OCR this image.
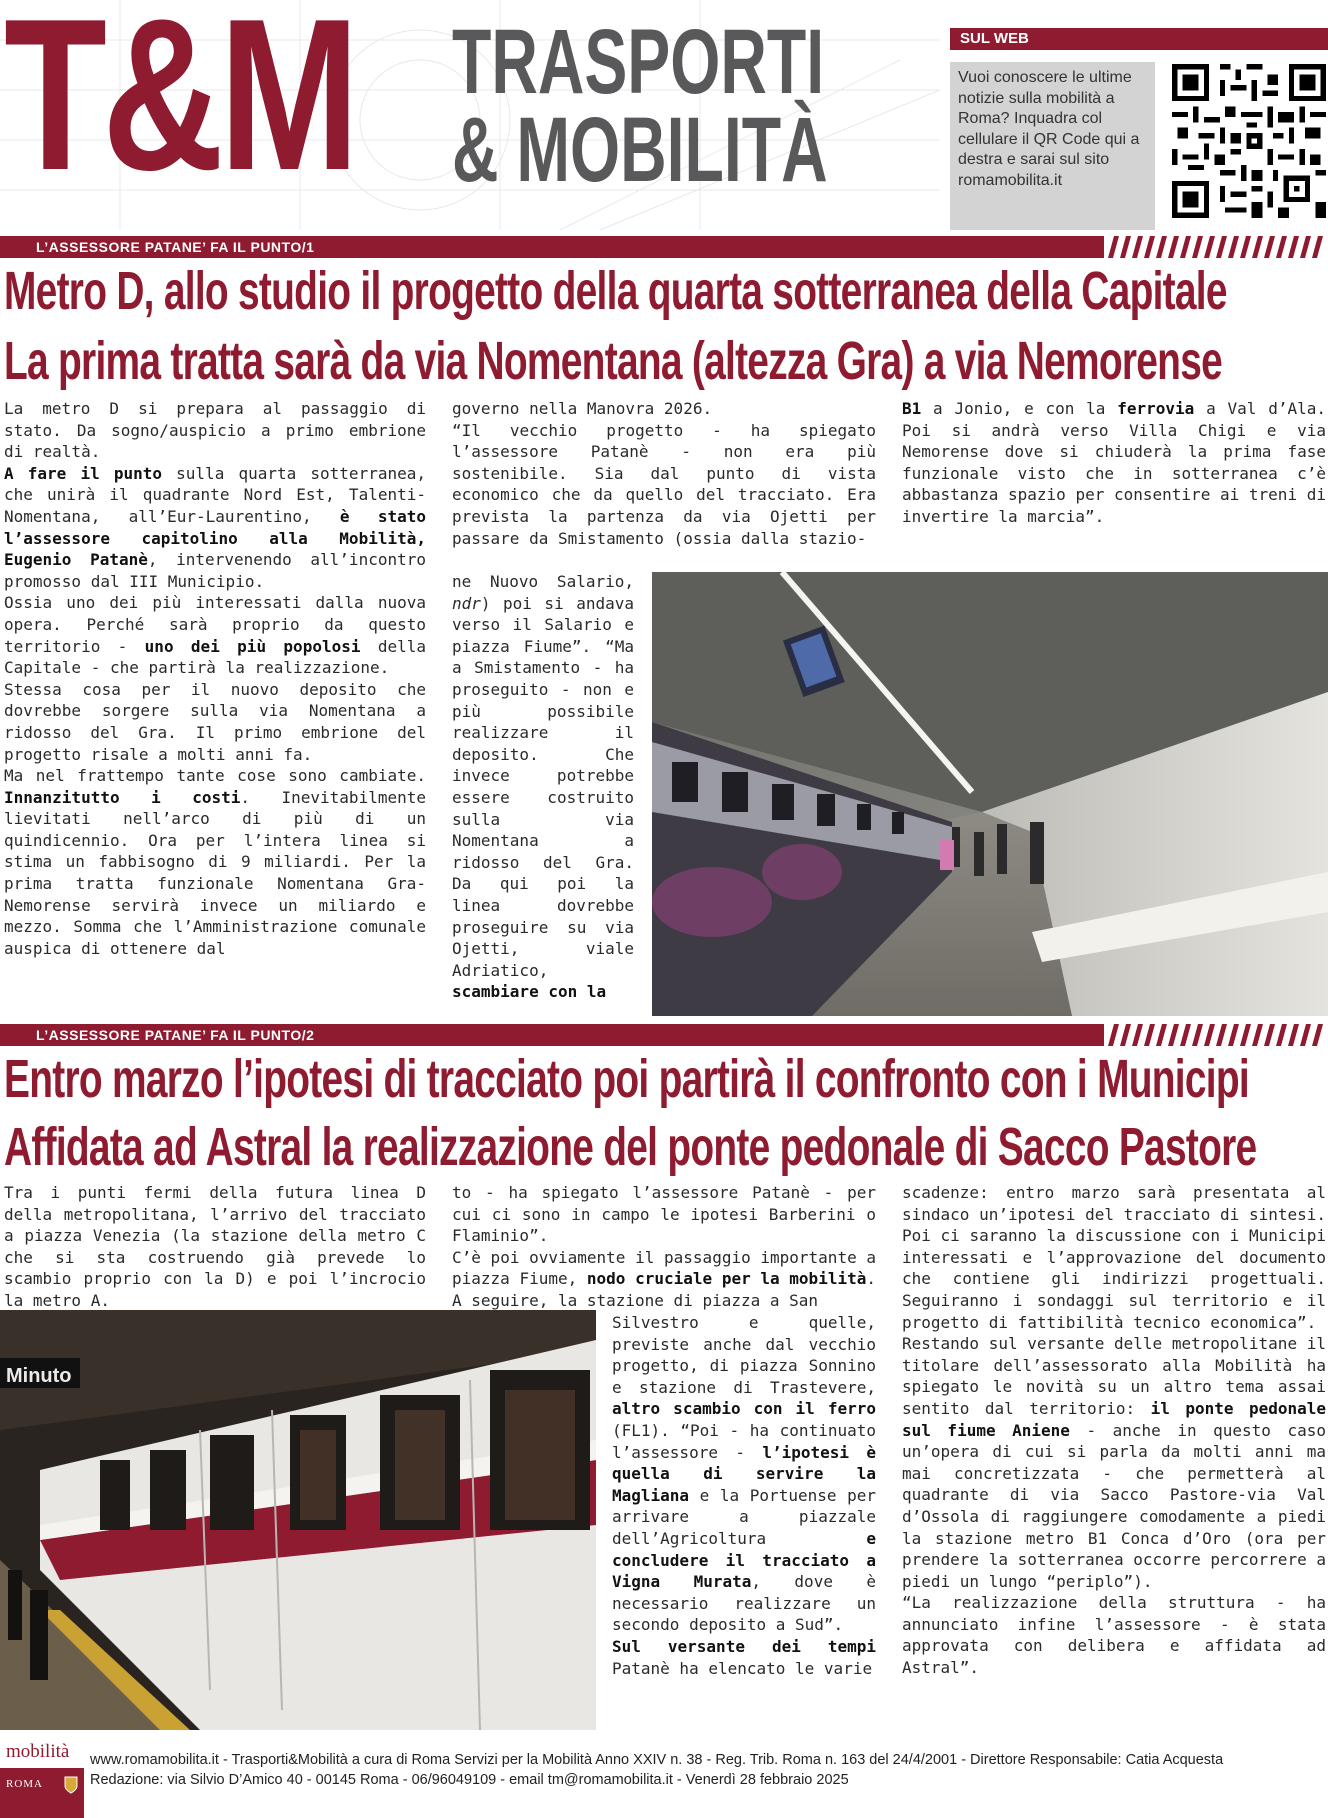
T&M TRASPORTI
& MOBILITÀ
SUL WEB
Vuoi conoscere le ultime notizie sulla mobilità a Roma? Inquadra col cellulare il QR Code qui a destra e sarai sul sito romamobilita.it
L’ASSESSORE PATANE’ FA IL PUNTO/1
Metro D, allo studio il progetto della quarta sotterranea della Capitale
La prima tratta sarà da via Nomentana (altezza Gra) a via Nemorense

La metro D si prepara al passaggio di stato. Da sogno/auspicio a primo embrione di realtà.

A fare il punto sulla quarta sotterranea, che unirà il quadrante Nord Est, Talenti-Nomentana, all’Eur-Laurentino, è stato l’assessore capitolino alla Mobilità, Eugenio Patanè, intervenendo all’incontro promosso dal III Municipio.

Ossia uno dei più interessati dalla nuova opera. Perché sarà proprio da questo territorio - uno dei più popolosi della Capitale - che partirà la realizzazione.

Stessa cosa per il nuovo deposito che dovrebbe sorgere sulla via Nomentana a ridosso del Gra. Il primo embrione del progetto risale a molti anni fa.

Ma nel frattempo tante cose sono cambiate. Innanzitutto i costi. Inevitabilmente lievitati nell’arco di più di un quindicennio. Ora per l’intera linea si stima un fabbisogno di 9 miliardi. Per la prima tratta funzionale Nomentana Gra-Nemorense servirà invece un miliardo e mezzo. Somma che l’Amministrazione comunale auspica di ottenere dal

governo nella Manovra 2026.

“Il vecchio progetto - ha spiegato l’assessore Patanè - non era più sostenibile. Sia dal punto di vista economico che da quello del tracciato. Era prevista la partenza da via Ojetti per passare da Smistamento (ossia dalla stazio-

ne Nuovo Salario, ndr) poi si andava verso il Salario e piazza Fiume”. “Ma a Smistamento - ha proseguito - non e più possibile realizzare il deposito. Che invece potrebbe essere costruito sulla via Nomentana a ridosso del Gra. Da qui poi la linea dovrebbe proseguire su via Ojetti, viale Adriatico, scambiare con la

B1 a Jonio, e con la ferrovia a Val d’Ala. Poi si andrà verso Villa Chigi e via Nemorense dove si chiuderà la prima fase funzionale visto che in sotterranea c’è abbastanza spazio per consentire ai treni di invertire la marcia”.

L’ASSESSORE PATANE’ FA IL PUNTO/2
Entro marzo l’ipotesi di tracciato poi partirà il confronto con i Municipi
Affidata ad Astral la realizzazione del ponte pedonale di Sacco Pastore

Tra i punti fermi della futura linea D della metropolitana, l’arrivo del tracciato a piazza Venezia (la stazione della metro C che si sta costruendo già prevede lo scambio proprio con la D) e poi l’incrocio la metro A.

to - ha spiegato l’assessore Patanè - per cui ci sono in campo le ipotesi Barberini o Flaminio”.

C’è poi ovviamente il passaggio importante a piazza Fiume, nodo cruciale per la mobilità. A seguire, la stazione di piazza a San

Silvestro e quelle, previste anche dal vecchio progetto, di piazza Sonnino e stazione di Trastevere, altro scambio con il ferro (FL1). “Poi - ha continuato l’assessore - l’ipotesi è quella di servire la Magliana e la Portuense per arrivare a piazzale dell’Agricoltura e concludere il tracciato a Vigna Murata, dove è necessario realizzare un secondo deposito a Sud”.

Sul versante dei tempi Patanè ha elencato le varie

scadenze: entro marzo sarà presentata al sindaco un’ipotesi del tracciato di sintesi. Poi ci saranno la discussione con i Municipi interessati e l’approvazione del documento che contiene gli indirizzi progettuali. Seguiranno i sondaggi sul territorio e il progetto di fattibilità tecnico economica”.

Restando sul versante delle metropolitane il titolare dell’assessorato alla Mobilità ha spiegato le novità su un altro tema assai sentito dal territorio: il ponte pedonale sul fiume Aniene - anche in questo caso un’opera di cui si parla da molti anni ma mai concretizzata - che permetterà al quadrante di via Sacco Pastore-via Val d’Ossola di raggiungere comodamente a piedi la stazione metro B1 Conca d’Oro (ora per prendere la sotterranea occorre percorrere a piedi un lungo “periplo”).

“La realizzazione della struttura - ha annunciato infine l’assessore - è stata approvata con delibera e affidata ad Astral”.

Minuto
mobilità
ROMA
www.romamobilita.it - Trasporti&Mobilità a cura di Roma Servizi per la Mobilità Anno XXIV n. 38 - Reg. Trib. Roma n. 163 del 24/4/2001 - Direttore Responsabile: Catia Acquesta
Redazione: via Silvio D’Amico 40 - 00145 Roma - 06/96049109 - email tm@romamobilita.it - Venerdì 28 febbraio 2025
